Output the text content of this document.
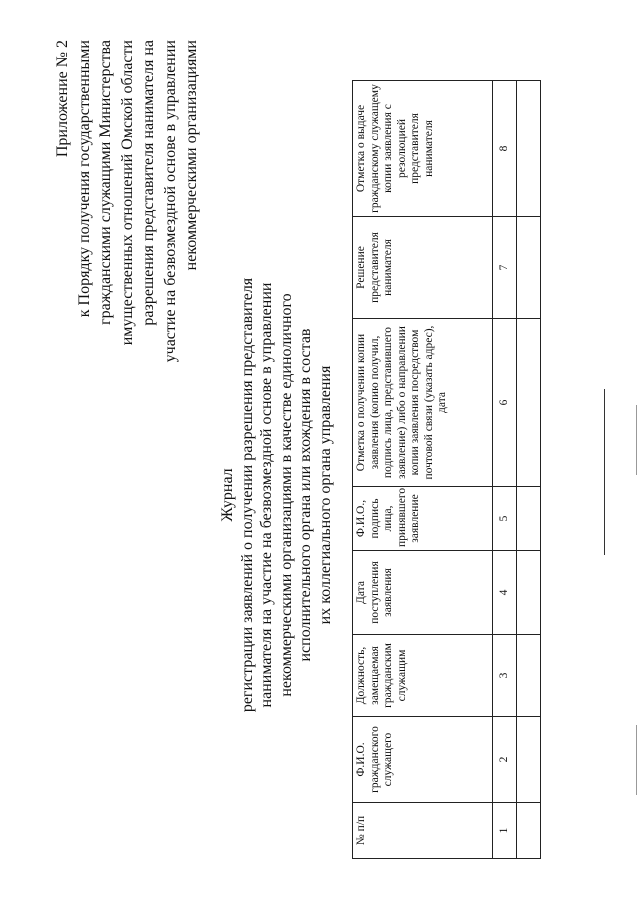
Приложение № 2 к Порядку получения государственными гражданскими служащими Министерства имущественных отношений Омской области разрешения представителя нанимателя на участие на безвозмездной основе в управлении некоммерческими организациями
Журнал регистрации заявлений о получении разрешения представителя нанимателя на участие на безвозмездной основе в управлении некоммерческими организациями в качестве единоличного исполнительного органа или вхождения в состав их коллегиального органа управления
№ п/п	Ф.И.О. гражданского служащего	Должность, замещаемая гражданским служащим	Дата поступления заявления	Ф.И.О., подпись лица, принявшего заявление	Отметка о получении копии заявления (копию получил, подпись лица, представившего заявление) либо о направлении копии заявления посредством почтовой связи (указать адрес), дата	Решение представителя нанимателя	Отметка о выдаче гражданскому служащему копии заявления с резолюцией представителя нанимателя
1	2	3	4	5	6	7	8
